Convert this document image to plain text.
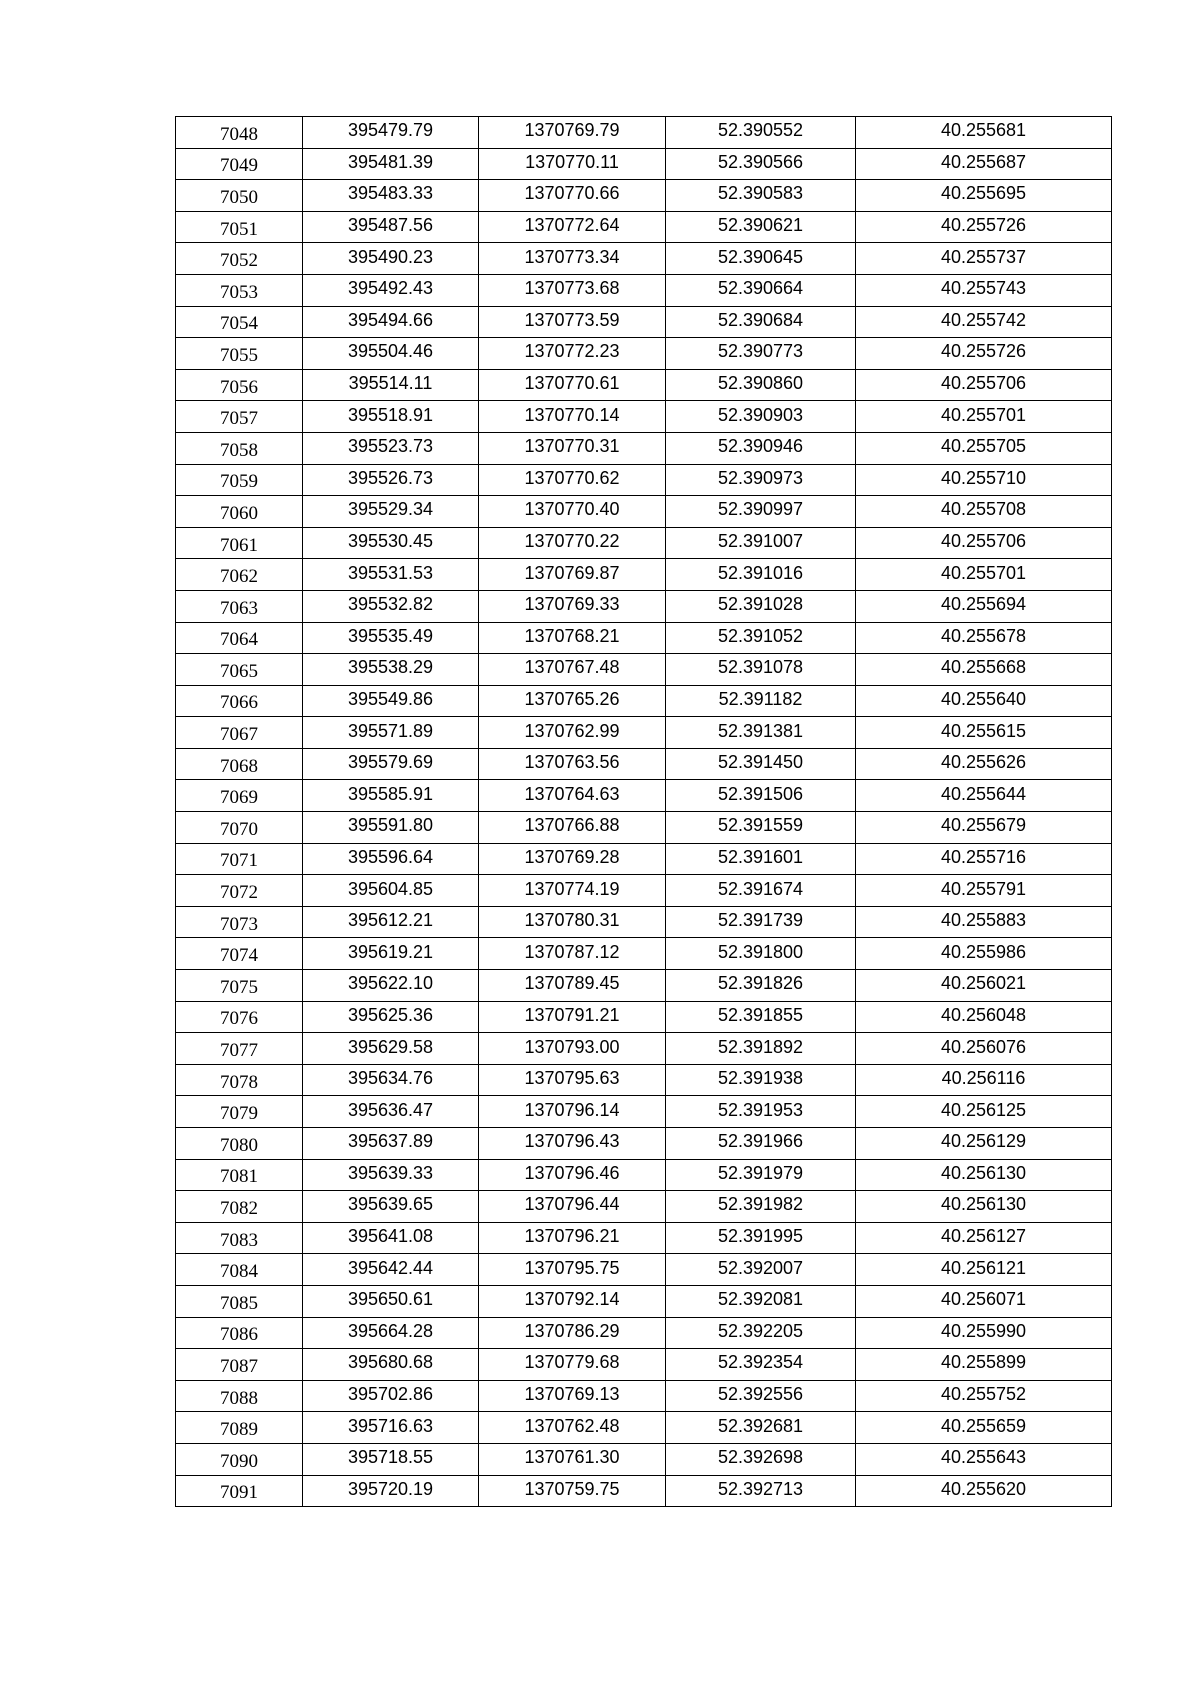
7048	395479.79	1370769.79	52.390552	40.255681
7049	395481.39	1370770.11	52.390566	40.255687
7050	395483.33	1370770.66	52.390583	40.255695
7051	395487.56	1370772.64	52.390621	40.255726
7052	395490.23	1370773.34	52.390645	40.255737
7053	395492.43	1370773.68	52.390664	40.255743
7054	395494.66	1370773.59	52.390684	40.255742
7055	395504.46	1370772.23	52.390773	40.255726
7056	395514.11	1370770.61	52.390860	40.255706
7057	395518.91	1370770.14	52.390903	40.255701
7058	395523.73	1370770.31	52.390946	40.255705
7059	395526.73	1370770.62	52.390973	40.255710
7060	395529.34	1370770.40	52.390997	40.255708
7061	395530.45	1370770.22	52.391007	40.255706
7062	395531.53	1370769.87	52.391016	40.255701
7063	395532.82	1370769.33	52.391028	40.255694
7064	395535.49	1370768.21	52.391052	40.255678
7065	395538.29	1370767.48	52.391078	40.255668
7066	395549.86	1370765.26	52.391182	40.255640
7067	395571.89	1370762.99	52.391381	40.255615
7068	395579.69	1370763.56	52.391450	40.255626
7069	395585.91	1370764.63	52.391506	40.255644
7070	395591.80	1370766.88	52.391559	40.255679
7071	395596.64	1370769.28	52.391601	40.255716
7072	395604.85	1370774.19	52.391674	40.255791
7073	395612.21	1370780.31	52.391739	40.255883
7074	395619.21	1370787.12	52.391800	40.255986
7075	395622.10	1370789.45	52.391826	40.256021
7076	395625.36	1370791.21	52.391855	40.256048
7077	395629.58	1370793.00	52.391892	40.256076
7078	395634.76	1370795.63	52.391938	40.256116
7079	395636.47	1370796.14	52.391953	40.256125
7080	395637.89	1370796.43	52.391966	40.256129
7081	395639.33	1370796.46	52.391979	40.256130
7082	395639.65	1370796.44	52.391982	40.256130
7083	395641.08	1370796.21	52.391995	40.256127
7084	395642.44	1370795.75	52.392007	40.256121
7085	395650.61	1370792.14	52.392081	40.256071
7086	395664.28	1370786.29	52.392205	40.255990
7087	395680.68	1370779.68	52.392354	40.255899
7088	395702.86	1370769.13	52.392556	40.255752
7089	395716.63	1370762.48	52.392681	40.255659
7090	395718.55	1370761.30	52.392698	40.255643
7091	395720.19	1370759.75	52.392713	40.255620
